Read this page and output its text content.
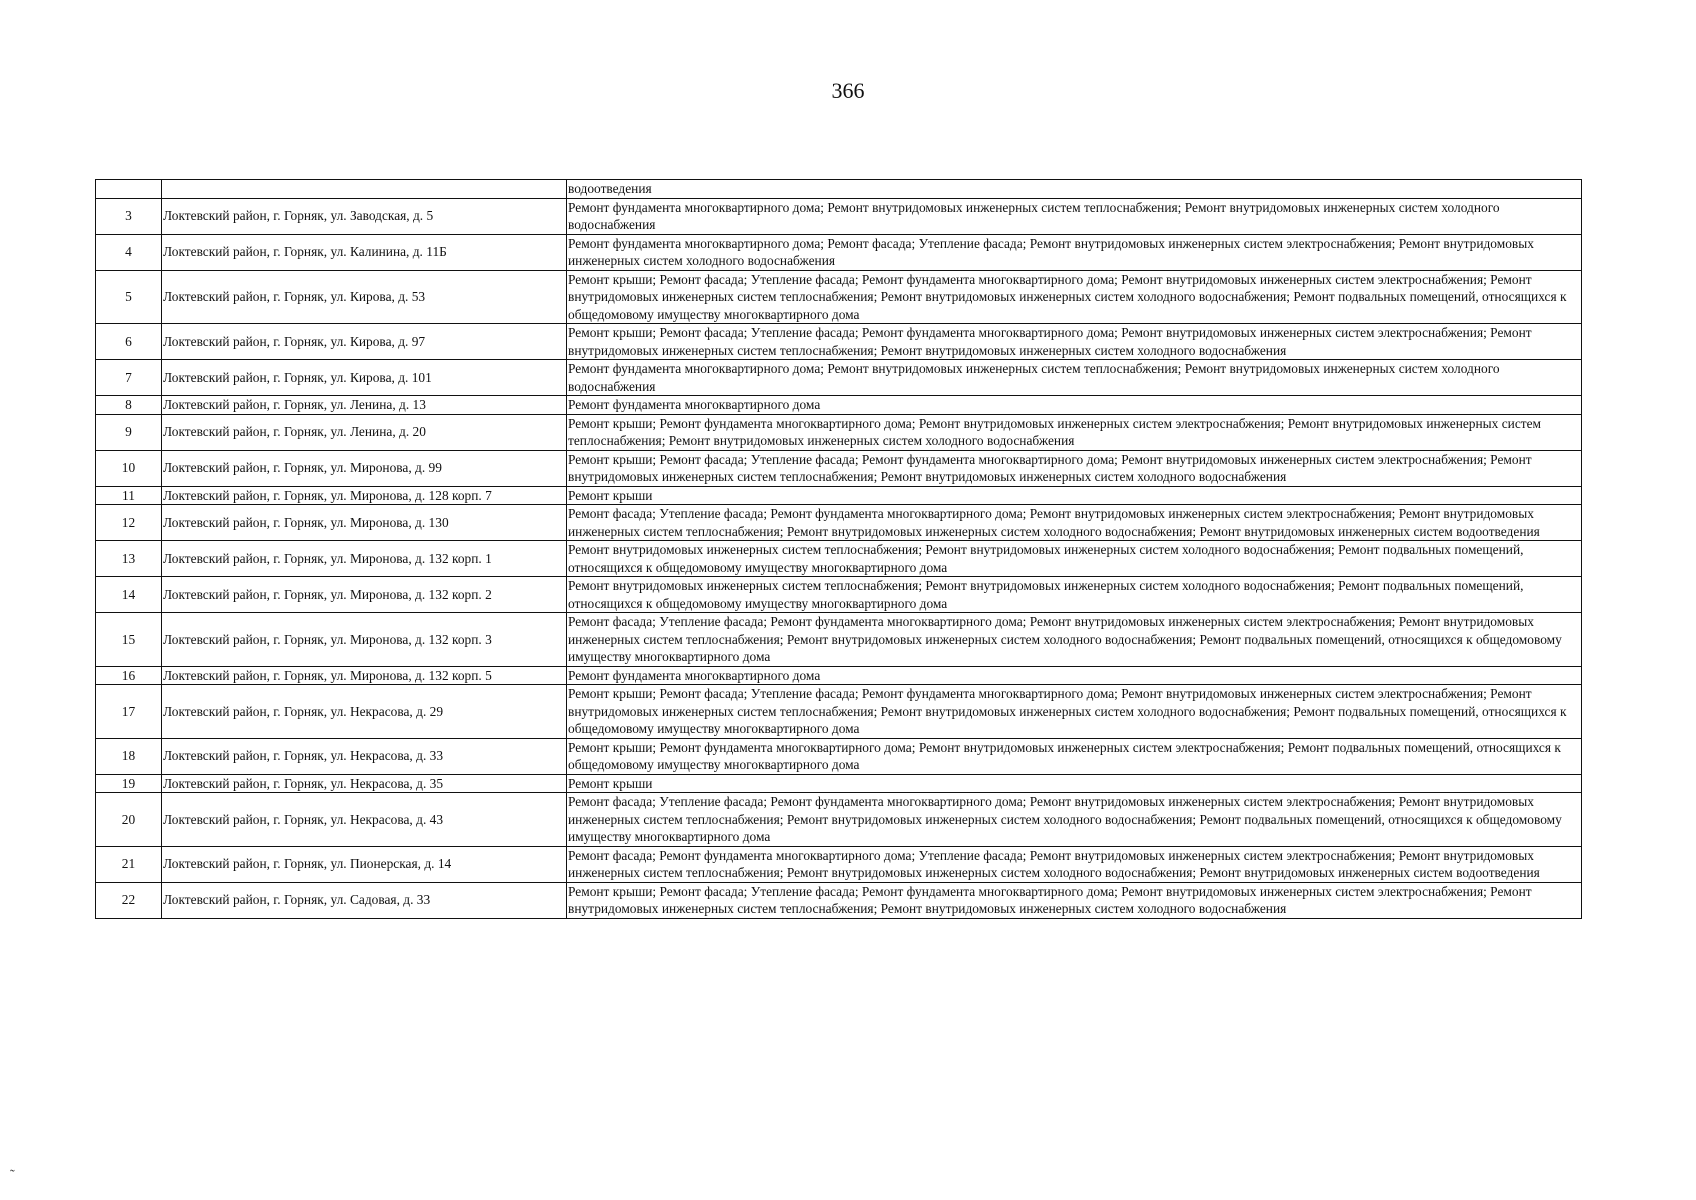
366
		водоотведения
3	Локтевский район, г. Горняк, ул. Заводская, д. 5	Ремонт фундамента многоквартирного дома; Ремонт внутридомовых инженерных систем теплоснабжения; Ремонт внутридомовых инженерных систем холодного водоснабжения
4	Локтевский район, г. Горняк, ул. Калинина, д. 11Б	Ремонт фундамента многоквартирного дома; Ремонт фасада; Утепление фасада; Ремонт внутридомовых инженерных систем электроснабжения; Ремонт внутридомовых инженерных систем холодного водоснабжения
5	Локтевский район, г. Горняк, ул. Кирова, д. 53	Ремонт крыши; Ремонт фасада; Утепление фасада; Ремонт фундамента многоквартирного дома; Ремонт внутридомовых инженерных систем электроснабжения; Ремонт внутридомовых инженерных систем теплоснабжения; Ремонт внутридомовых инженерных систем холодного водоснабжения; Ремонт подвальных помещений, относящихся к общедомовому имуществу многоквартирного дома
6	Локтевский район, г. Горняк, ул. Кирова, д. 97	Ремонт крыши; Ремонт фасада; Утепление фасада; Ремонт фундамента многоквартирного дома; Ремонт внутридомовых инженерных систем электроснабжения; Ремонт внутридомовых инженерных систем теплоснабжения; Ремонт внутридомовых инженерных систем холодного водоснабжения
7	Локтевский район, г. Горняк, ул. Кирова, д. 101	Ремонт фундамента многоквартирного дома; Ремонт внутридомовых инженерных систем теплоснабжения; Ремонт внутридомовых инженерных систем холодного водоснабжения
8	Локтевский район, г. Горняк, ул. Ленина, д. 13	Ремонт фундамента многоквартирного дома
9	Локтевский район, г. Горняк, ул. Ленина, д. 20	Ремонт крыши; Ремонт фундамента многоквартирного дома; Ремонт внутридомовых инженерных систем электроснабжения; Ремонт внутридомовых инженерных систем теплоснабжения; Ремонт внутридомовых инженерных систем холодного водоснабжения
10	Локтевский район, г. Горняк, ул. Миронова, д. 99	Ремонт крыши; Ремонт фасада; Утепление фасада; Ремонт фундамента многоквартирного дома; Ремонт внутридомовых инженерных систем электроснабжения; Ремонт внутридомовых инженерных систем теплоснабжения; Ремонт внутридомовых инженерных систем холодного водоснабжения
11	Локтевский район, г. Горняк, ул. Миронова, д. 128 корп. 7	Ремонт крыши
12	Локтевский район, г. Горняк, ул. Миронова, д. 130	Ремонт фасада; Утепление фасада; Ремонт фундамента многоквартирного дома; Ремонт внутридомовых инженерных систем электроснабжения; Ремонт внутридомовых инженерных систем теплоснабжения; Ремонт внутридомовых инженерных систем холодного водоснабжения; Ремонт внутридомовых инженерных систем водоотведения
13	Локтевский район, г. Горняк, ул. Миронова, д. 132 корп. 1	Ремонт внутридомовых инженерных систем теплоснабжения; Ремонт внутридомовых инженерных систем холодного водоснабжения; Ремонт подвальных помещений, относящихся к общедомовому имуществу многоквартирного дома
14	Локтевский район, г. Горняк, ул. Миронова, д. 132 корп. 2	Ремонт внутридомовых инженерных систем теплоснабжения; Ремонт внутридомовых инженерных систем холодного водоснабжения; Ремонт подвальных помещений, относящихся к общедомовому имуществу многоквартирного дома
15	Локтевский район, г. Горняк, ул. Миронова, д. 132 корп. 3	Ремонт фасада; Утепление фасада; Ремонт фундамента многоквартирного дома; Ремонт внутридомовых инженерных систем электроснабжения; Ремонт внутридомовых инженерных систем теплоснабжения; Ремонт внутридомовых инженерных систем холодного водоснабжения; Ремонт подвальных помещений, относящихся к общедомовому имуществу многоквартирного дома
16	Локтевский район, г. Горняк, ул. Миронова, д. 132 корп. 5	Ремонт фундамента многоквартирного дома
17	Локтевский район, г. Горняк, ул. Некрасова, д. 29	Ремонт крыши; Ремонт фасада; Утепление фасада; Ремонт фундамента многоквартирного дома; Ремонт внутридомовых инженерных систем электроснабжения; Ремонт внутридомовых инженерных систем теплоснабжения; Ремонт внутридомовых инженерных систем холодного водоснабжения; Ремонт подвальных помещений, относящихся к общедомовому имуществу многоквартирного дома
18	Локтевский район, г. Горняк, ул. Некрасова, д. 33	Ремонт крыши; Ремонт фундамента многоквартирного дома; Ремонт внутридомовых инженерных систем электроснабжения; Ремонт подвальных помещений, относящихся к общедомовому имуществу многоквартирного дома
19	Локтевский район, г. Горняк, ул. Некрасова, д. 35	Ремонт крыши
20	Локтевский район, г. Горняк, ул. Некрасова, д. 43	Ремонт фасада; Утепление фасада; Ремонт фундамента многоквартирного дома; Ремонт внутридомовых инженерных систем электроснабжения; Ремонт внутридомовых инженерных систем теплоснабжения; Ремонт внутридомовых инженерных систем холодного водоснабжения; Ремонт подвальных помещений, относящихся к общедомовому имуществу многоквартирного дома
21	Локтевский район, г. Горняк, ул. Пионерская, д. 14	Ремонт фасада; Ремонт фундамента многоквартирного дома; Утепление фасада; Ремонт внутридомовых инженерных систем электроснабжения; Ремонт внутридомовых инженерных систем теплоснабжения; Ремонт внутридомовых инженерных систем холодного водоснабжения; Ремонт внутридомовых инженерных систем водоотведения
22	Локтевский район, г. Горняк, ул. Садовая, д. 33	Ремонт крыши; Ремонт фасада; Утепление фасада; Ремонт фундамента многоквартирного дома; Ремонт внутридомовых инженерных систем электроснабжения; Ремонт внутридомовых инженерных систем теплоснабжения; Ремонт внутридомовых инженерных систем холодного водоснабжения
˜
